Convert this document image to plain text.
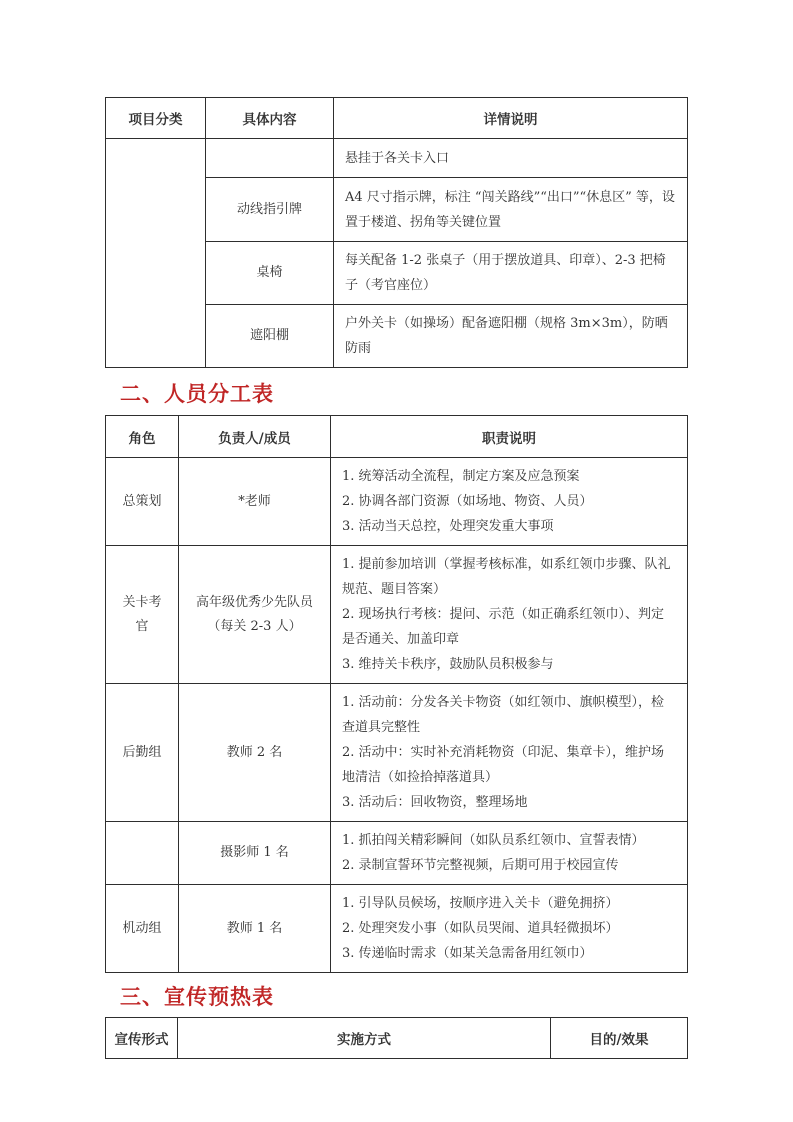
项目分类	具体内容	详情说明
		悬挂于各关卡入口
	动线指引牌	A4 尺寸指示牌，标注 “闯关路线”“出口”“休息区” 等，设置于楼道、拐角等关键位置
	桌椅	每关配备 1-2 张桌子（用于摆放道具、印章）、2-3 把椅子（考官座位）
	遮阳棚	户外关卡（如操场）配备遮阳棚（规格 3m×3m），防晒防雨
二、人员分工表
角色	负责人/成员	职责说明
总策划	*老师	1. 统筹活动全流程，制定方案及应急预案
2. 协调各部门资源（如场地、物资、人员）
3. 活动当天总控，处理突发重大事项

关卡考官	高年级优秀少先队员（每关 2-3 人）	1. 提前参加培训（掌握考核标准，如系红领巾步骤、队礼规范、题目答案）
2. 现场执行考核：提问、示范（如正确系红领巾）、判定是否通关、加盖印章
3. 维持关卡秩序，鼓励队员积极参与

后勤组	教师 2 名	1. 活动前：分发各关卡物资（如红领巾、旗帜模型），检查道具完整性
2. 活动中：实时补充消耗物资（印泥、集章卡），维护场地清洁（如捡拾掉落道具）
3. 活动后：回收物资，整理场地

	摄影师 1 名	1. 抓拍闯关精彩瞬间（如队员系红领巾、宣誓表情）
2. 录制宣誓环节完整视频，后期可用于校园宣传

机动组	教师 1 名	1. 引导队员候场，按顺序进入关卡（避免拥挤）
2. 处理突发小事（如队员哭闹、道具轻微损坏）
3. 传递临时需求（如某关急需备用红领巾）
三、宣传预热表
宣传形式	实施方式	目的/效果
